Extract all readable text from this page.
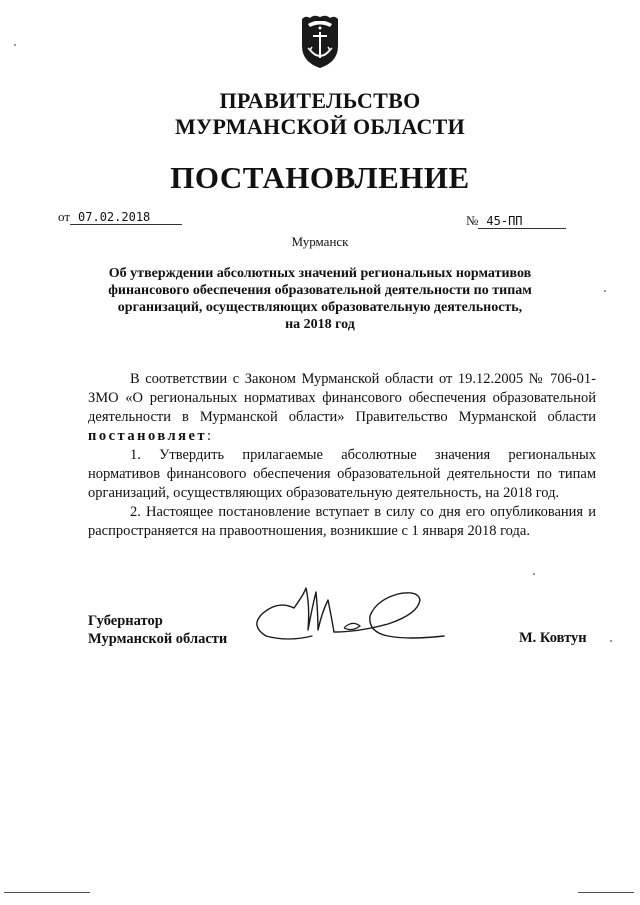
ПРАВИТЕЛЬСТВО
МУРМАНСКОЙ ОБЛАСТИ
ПОСТАНОВЛЕНИЕ
от 07.02.2018	№ 45-ПП
Мурманск
Об утверждении абсолютных значений региональных нормативов
финансового обеспечения образовательной деятельности по типам
организаций, осуществляющих образовательную деятельность,
на 2018 год

В соответствии с Законом Мурманской области от 19.12.2005 № 706-01-ЗМО «О региональных нормативах финансового обеспечения образовательной деятельности в Мурманской области» Правительство Мурманской области постановляет:

1. Утвердить прилагаемые абсолютные значения региональных нормативов финансового обеспечения образовательной деятельности по типам организаций, осуществляющих образовательную деятельность, на 2018 год.

2. Настоящее постановление вступает в силу со дня его опубликования и распространяется на правоотношения, возникшие с 1 января 2018 года.

Губернатор
Мурманской области	М. Ковтун
